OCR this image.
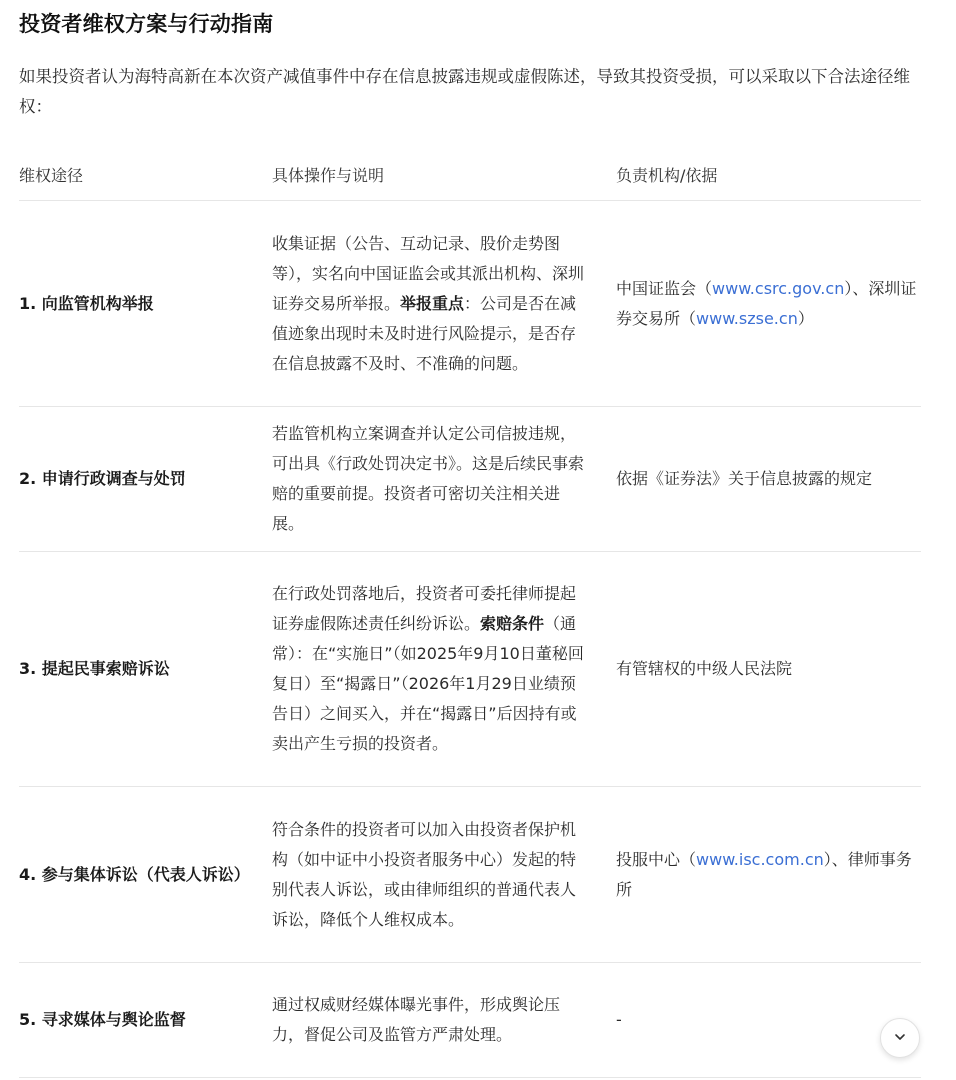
投资者维权方案与行动指南

如果投资者认为海特高新在本次资产减值事件中存在信息披露违规或虚假陈述，导致其投资受损，可以采取以下合法途径维权：

维权途径	具体操作与说明	负责机构/依据
1. 向监管机构举报
收集证据（公告、互动记录、股价走势图等），实名向中国证监会或其派出机构、深圳证券交易所举报。举报重点：公司是否在减值迹象出现时未及时进行风险提示，是否存在信息披露不及时、不准确的问题。
中国证监会（www.csrc.gov.cn）、深圳证券交易所（www.szse.cn）
2. 申请行政调查与处罚
若监管机构立案调查并认定公司信披违规，可出具《行政处罚决定书》。这是后续民事索赔的重要前提。投资者可密切关注相关进展。
依据《证券法》关于信息披露的规定
3. 提起民事索赔诉讼
在行政处罚落地后，投资者可委托律师提起证券虚假陈述责任纠纷诉讼。索赔条件（通常）：在“实施日”（如2025年9月10日董秘回复日）至“揭露日”（2026年1月29日业绩预告日）之间买入，并在“揭露日”后因持有或卖出产生亏损的投资者。
有管辖权的中级人民法院
4. 参与集体诉讼（代表人诉讼）
符合条件的投资者可以加入由投资者保护机构（如中证中小投资者服务中心）发起的特别代表人诉讼，或由律师组织的普通代表人诉讼，降低个人维权成本。
投服中心（www.isc.com.cn）、律师事务所
5. 寻求媒体与舆论监督
通过权威财经媒体曝光事件，形成舆论压力，督促公司及监管方严肃处理。
-
